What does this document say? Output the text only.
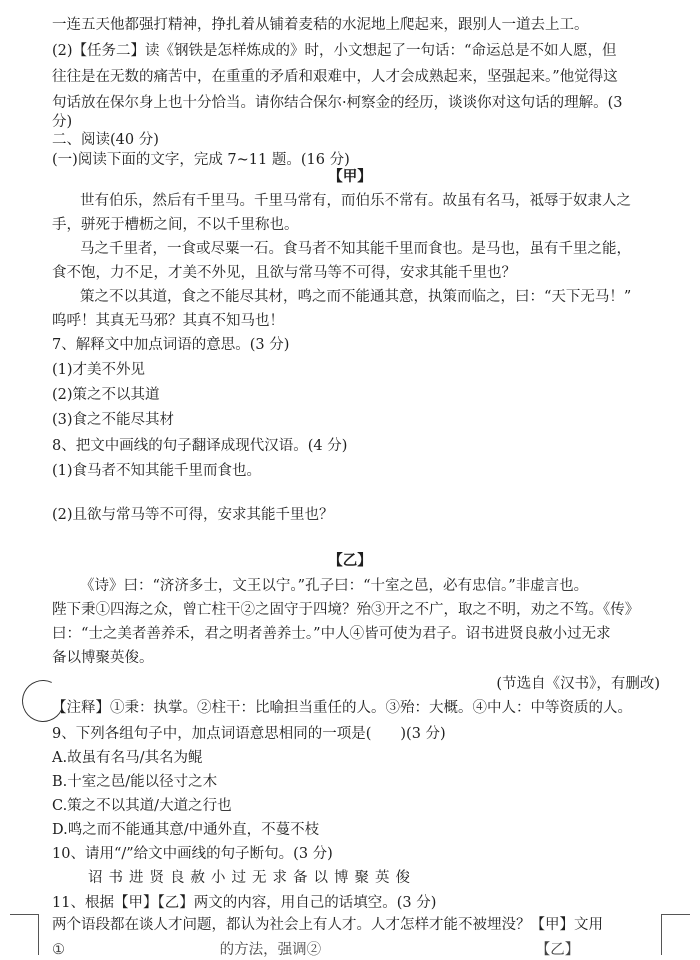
一连五天他都强打精神，挣扎着从铺着麦秸的水泥地上爬起来，跟别人一道去上工。
(2)【任务二】读《钢铁是怎样炼成的》时，小文想起了一句话：“命运总是不如人愿，但
往往是在无数的痛苦中，在重重的矛盾和艰难中，人才会成熟起来，坚强起来。”他觉得这
句话放在保尔身上也十分恰当。请你结合保尔·柯察金的经历，谈谈你对这句话的理解。(3
分)
二、阅读(40 分)
(一)阅读下面的文字，完成 7~11 题。(16 分)
【甲】
世有伯乐，然后有千里马。千里马常有，而伯乐不常有。故虽有名马，祗辱于奴隶人之
手，骈死于槽枥之间，不以千里称也。
马之千里者，一食或尽粟一石。食马者不知其能千里而食也。是马也，虽有千里之能，
食不饱，力不足，才美不外见，且欲与常马等不可得，安求其能千里也？
策之不以其道，食之不能尽其材，鸣之而不能通其意，执策而临之，曰：“天下无马！”
呜呼！其真无马邪？其真不知马也！
7、解释文中加点词语的意思。(3 分)
(1)才美不外见
(2)策之不以其道
(3)食之不能尽其材
8、把文中画线的句子翻译成现代汉语。(4 分)
(1)食马者不知其能千里而食也。
(2)且欲与常马等不可得，安求其能千里也？
【乙】
《诗》曰：“济济多士，文王以宁。”孔子曰：“十室之邑，必有忠信。”非虚言也。
陛下秉①四海之众，曾亡柱干②之固守于四境？殆③开之不广，取之不明，劝之不笃。《传》
曰：“士之美者善养禾，君之明者善养士。”中人④皆可使为君子。诏书进贤良赦小过无求
备以博聚英俊。
(节选自《汉书》，有删改)
【注释】①秉：执掌。②柱干：比喻担当重任的人。③殆：大概。④中人：中等资质的人。
9、下列各组句子中，加点词语意思相同的一项是(　　)(3 分)
A.故虽有名马/其名为鲲
B.十室之邑/能以径寸之木
C.策之不以其道/大道之行也
D.鸣之而不能通其意/中通外直，不蔓不枝
10、请用“/”给文中画线的句子断句。(3 分)
诏书进贤良赦小过无求备以博聚英俊
11、根据【甲】【乙】两文的内容，用自己的话填空。(3 分)
两个语段都在谈人才问题，都认为社会上有人才。人才怎样才能不被埋没？【甲】文用
①	的方法，强调②	【乙】
